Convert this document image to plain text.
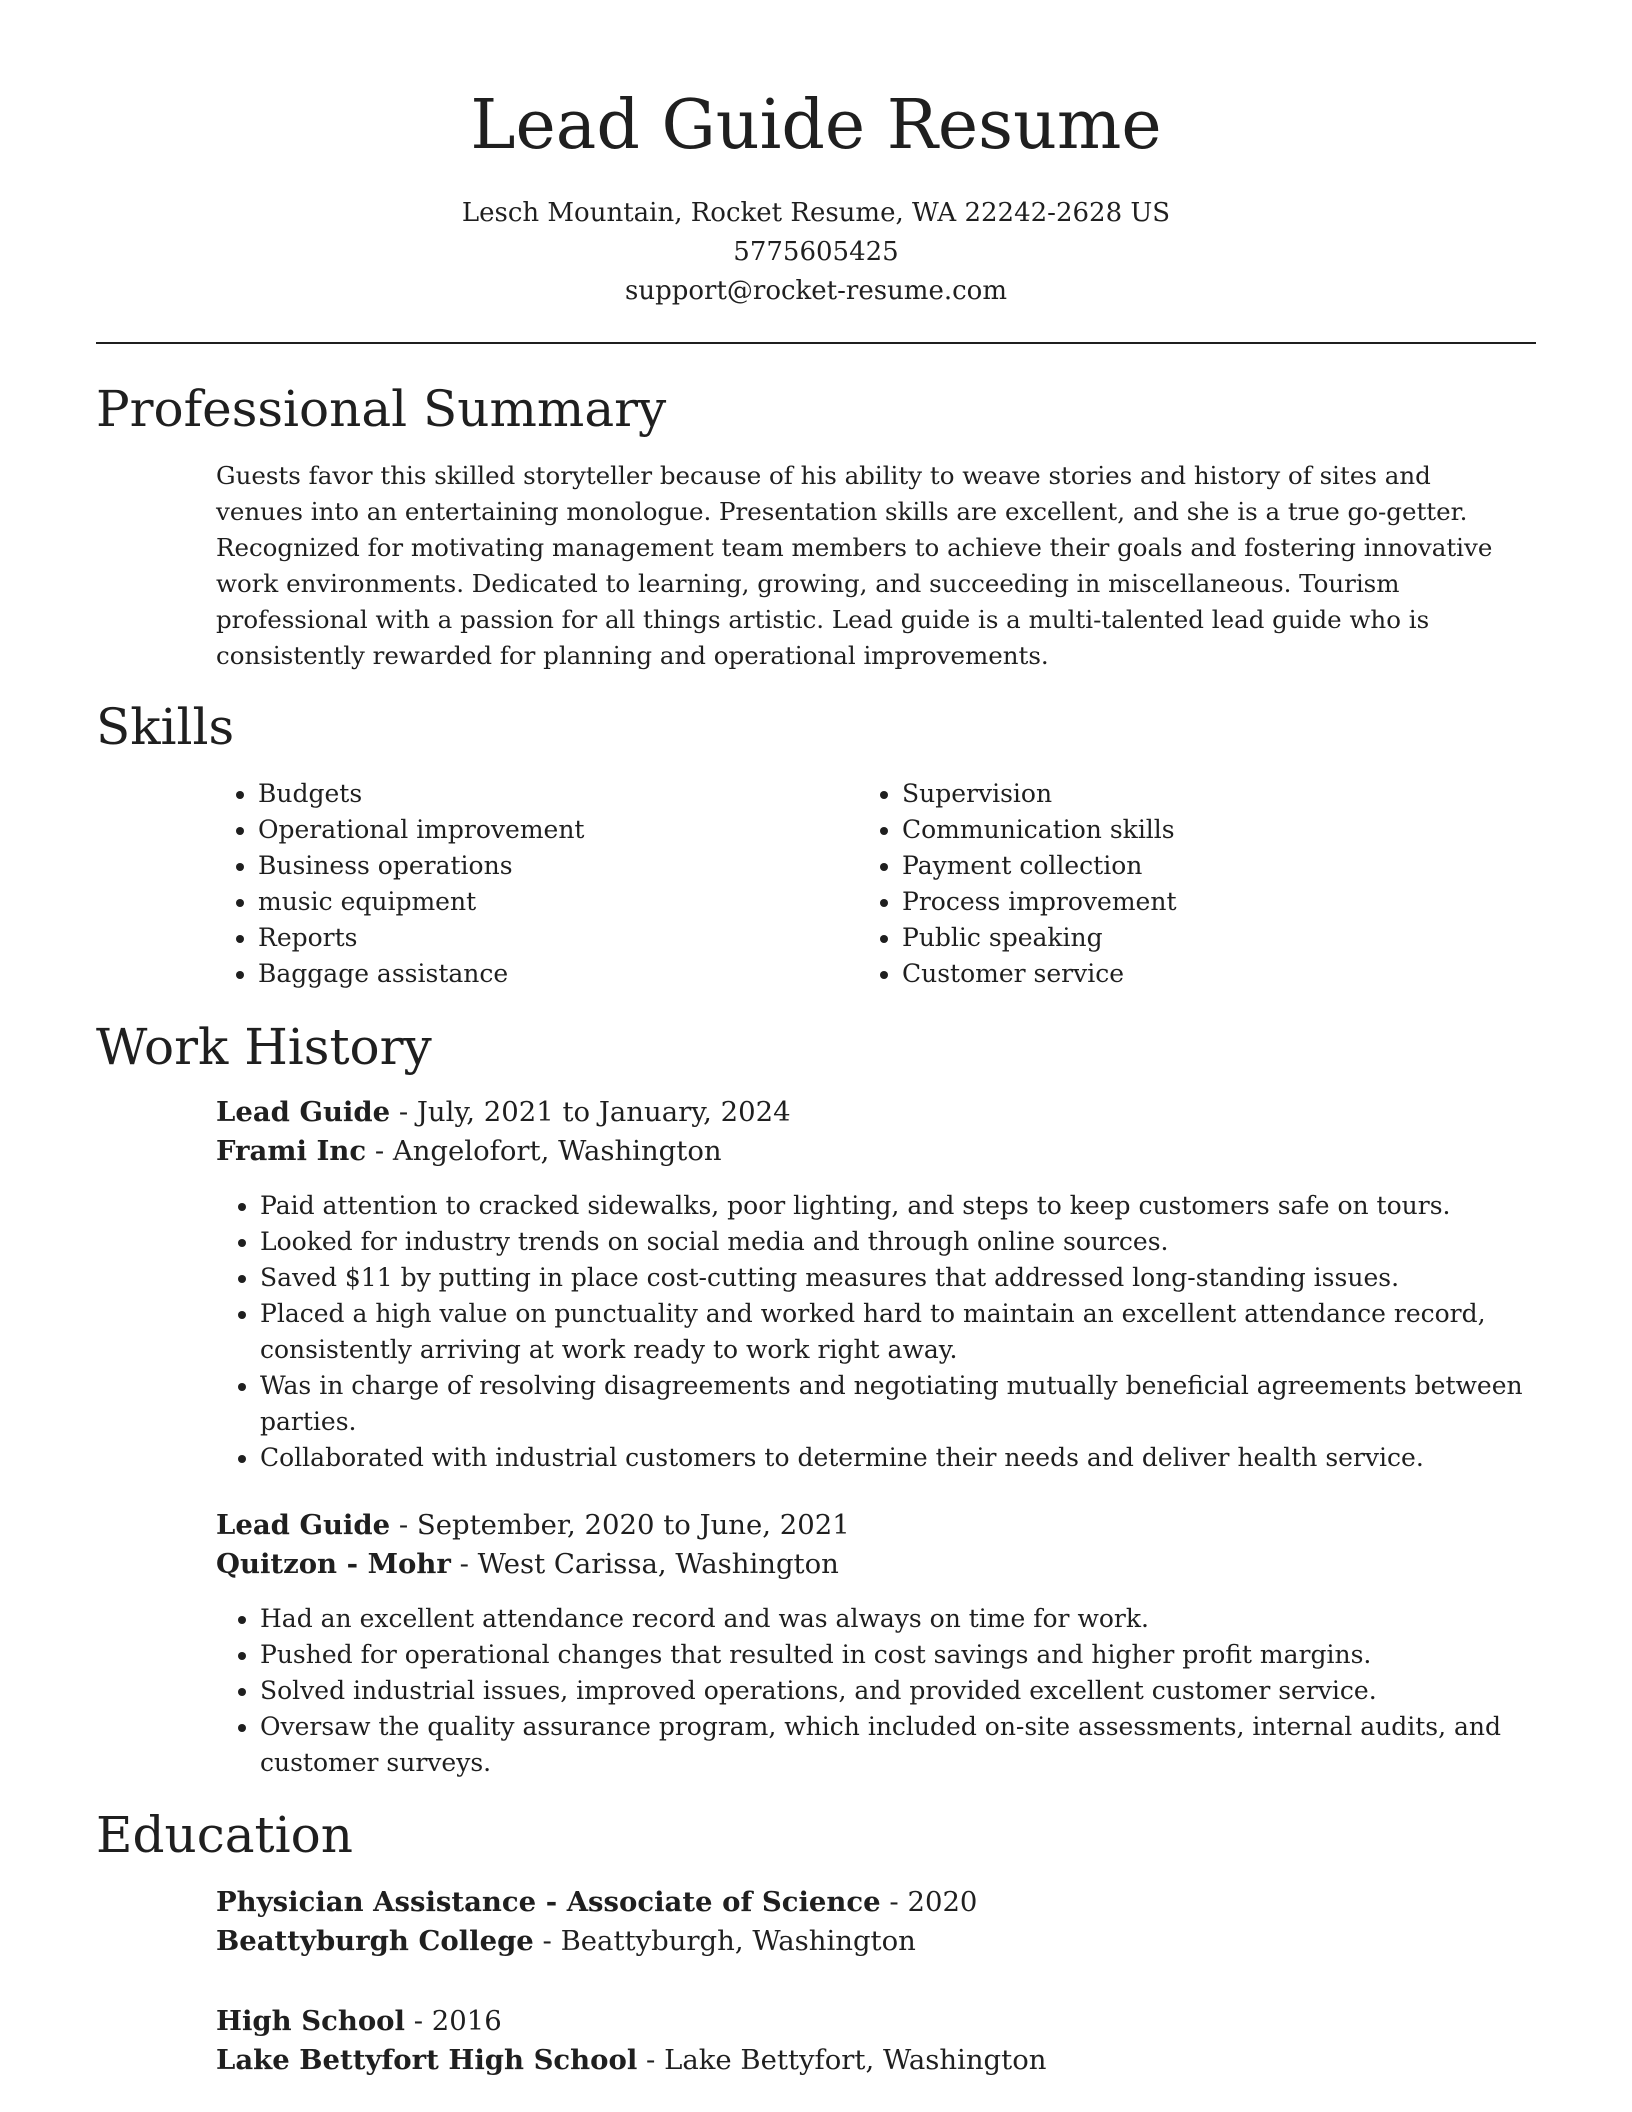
Lead Guide Resume
Lesch Mountain, Rocket Resume, WA 22242-2628 US
5775605425
support@rocket-resume.com
Professional Summary

Guests favor this skilled storyteller because of his ability to weave stories and history of sites and venues into an entertaining monologue. Presentation skills are excellent, and she is a true go-getter. Recognized for motivating management team members to achieve their goals and fostering innovative work environments. Dedicated to learning, growing, and succeeding in miscellaneous. Tourism professional with a passion for all things artistic. Lead guide is a multi-talented lead guide who is consistently rewarded for planning and operational improvements.

Skills
• Budgets
• Operational improvement
• Business operations
• music equipment
• Reports
• Baggage assistance
• Supervision
• Communication skills
• Payment collection
• Process improvement
• Public speaking
• Customer service
Work History
Lead Guide - July, 2021 to January, 2024
Frami Inc - Angelofort, Washington
• Paid attention to cracked sidewalks, poor lighting, and steps to keep customers safe on tours.
• Looked for industry trends on social media and through online sources.
• Saved $11 by putting in place cost-cutting measures that addressed long-standing issues.
• Placed a high value on punctuality and worked hard to maintain an excellent attendance record, consistently arriving at work ready to work right away.
• Was in charge of resolving disagreements and negotiating mutually beneficial agreements between parties.
• Collaborated with industrial customers to determine their needs and deliver health service.
Lead Guide - September, 2020 to June, 2021
Quitzon - Mohr - West Carissa, Washington
• Had an excellent attendance record and was always on time for work.
• Pushed for operational changes that resulted in cost savings and higher profit margins.
• Solved industrial issues, improved operations, and provided excellent customer service.
• Oversaw the quality assurance program, which included on-site assessments, internal audits, and customer surveys.
Education
Physician Assistance - Associate of Science - 2020
Beattyburgh College - Beattyburgh, Washington
High School - 2016
Lake Bettyfort High School - Lake Bettyfort, Washington
